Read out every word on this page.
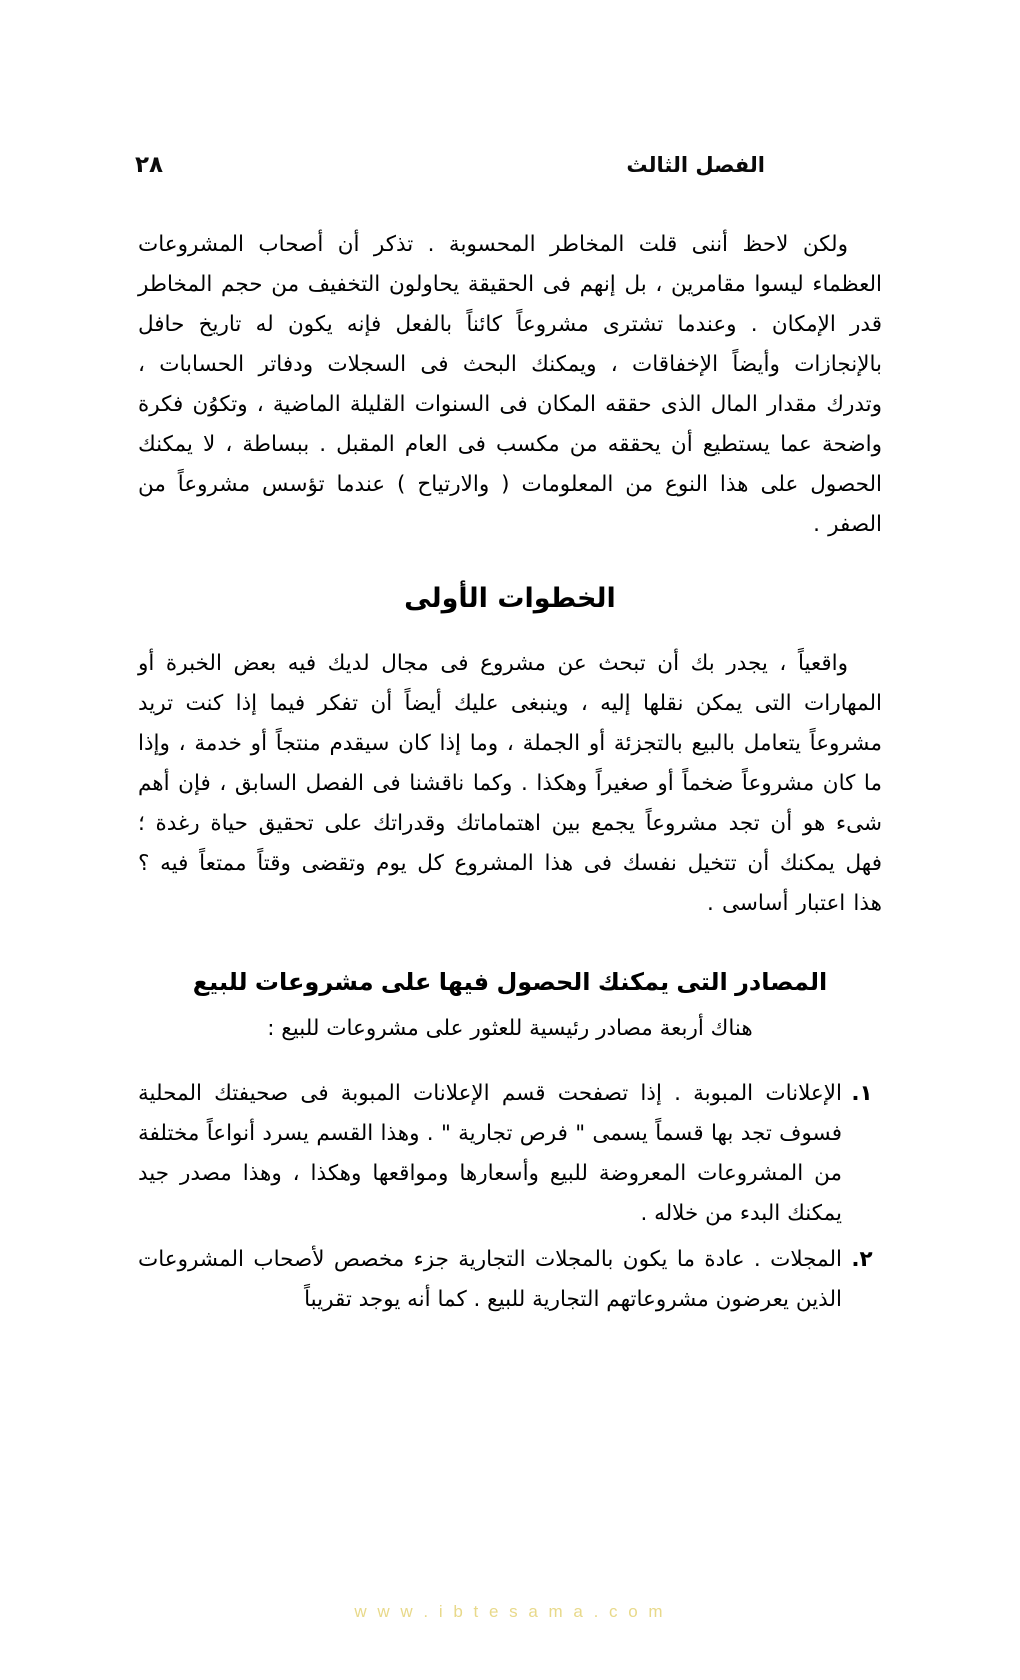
٢٨	الفصل الثالث

ولكن لاحظ أننى قلت المخاطر المحسوبة . تذكر أن أصحاب المشروعات العظماء ليسوا مقامرين ، بل إنهم فى الحقيقة يحاولون التخفيف من حجم المخاطر قدر الإمكان . وعندما تشترى مشروعاً كائناً بالفعل فإنه يكون له تاريخ حافل بالإنجازات وأيضاً الإخفاقات ، ويمكنك البحث فى السجلات ودفاتر الحسابات ، وتدرك مقدار المال الذى حققه المكان فى السنوات القليلة الماضية ، وتكوُن فكرة واضحة عما يستطيع أن يحققه من مكسب فى العام المقبل . ببساطة ، لا يمكنك الحصول على هذا النوع من المعلومات ( والارتياح ) عندما تؤسس مشروعاً من الصفر .

الخطوات الأولى

واقعياً ، يجدر بك أن تبحث عن مشروع فى مجال لديك فيه بعض الخبرة أو المهارات التى يمكن نقلها إليه ، وينبغى عليك أيضاً أن تفكر فيما إذا كنت تريد مشروعاً يتعامل بالبيع بالتجزئة أو الجملة ، وما إذا كان سيقدم منتجاً أو خدمة ، وإذا ما كان مشروعاً ضخماً أو صغيراً وهكذا . وكما ناقشنا فى الفصل السابق ، فإن أهم شىء هو أن تجد مشروعاً يجمع بين اهتماماتك وقدراتك على تحقيق حياة رغدة ؛ فهل يمكنك أن تتخيل نفسك فى هذا المشروع كل يوم وتقضى وقتاً ممتعاً فيه ؟ هذا اعتبار أساسى .

المصادر التى يمكنك الحصول فيها على مشروعات للبيع

هناك أربعة مصادر رئيسية للعثور على مشروعات للبيع :

١.
الإعلانات المبوبة . إذا تصفحت قسم الإعلانات المبوبة فى صحيفتك المحلية فسوف تجد بها قسماً يسمى " فرص تجارية " . وهذا القسم يسرد أنواعاً مختلفة من المشروعات المعروضة للبيع وأسعارها ومواقعها وهكذا ، وهذا مصدر جيد يمكنك البدء من خلاله .
٢.
المجلات . عادة ما يكون بالمجلات التجارية جزء مخصص لأصحاب المشروعات الذين يعرضون مشروعاتهم التجارية للبيع . كما أنه يوجد تقريباً
w w w . i b t e s a m a . c o m
